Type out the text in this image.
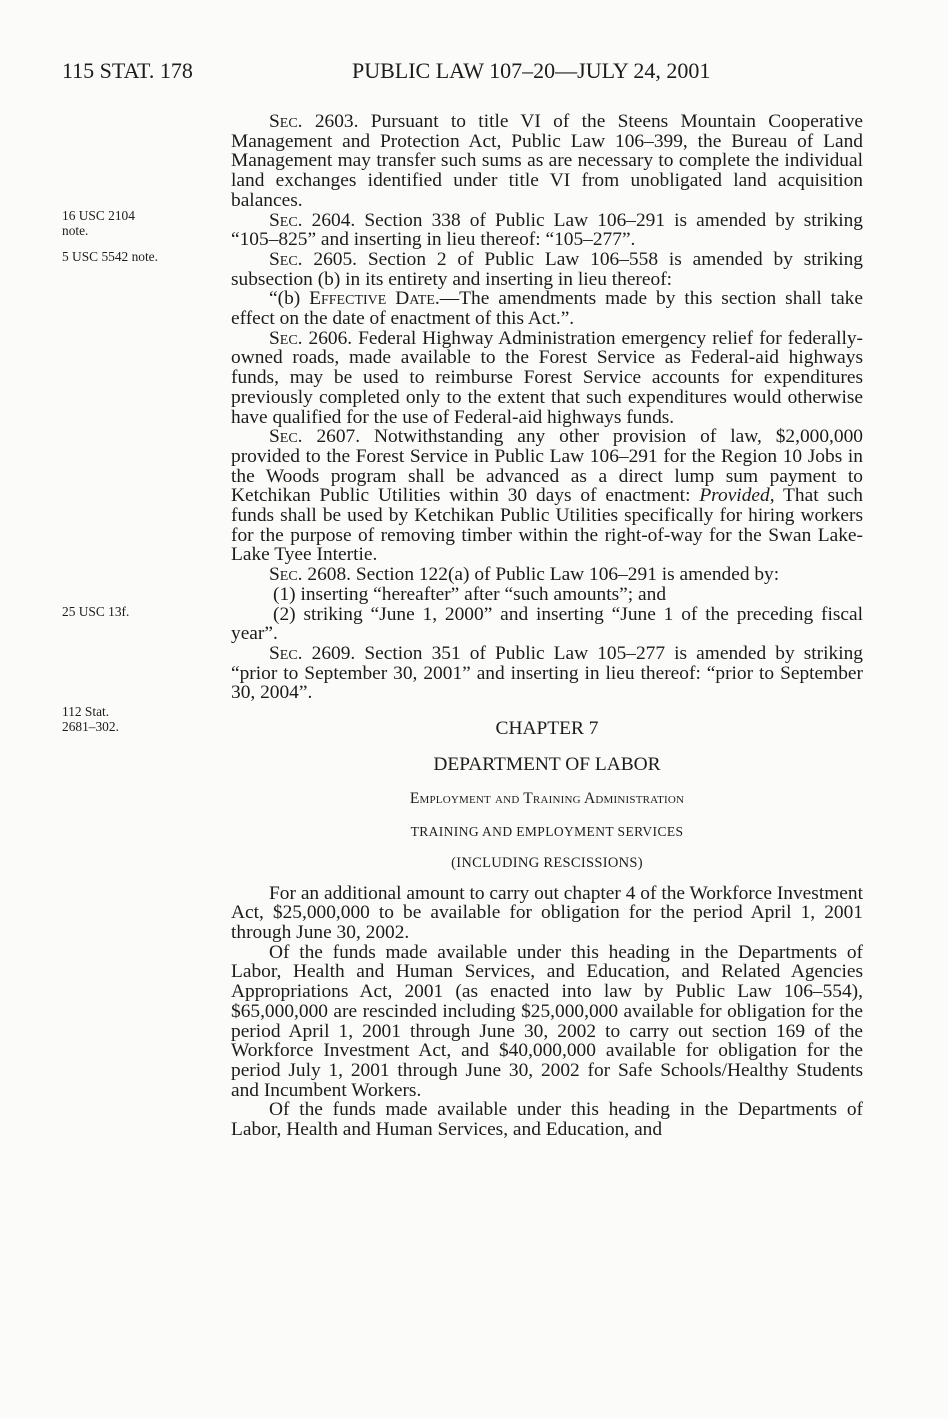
115 STAT. 178	PUBLIC LAW 107–20—JULY 24, 2001
16 USC 2104
note.
5 USC 5542 note.
25 USC 13f.
112 Stat.
2681–302.

Sec. 2603. Pursuant to title VI of the Steens Mountain Cooperative Management and Protection Act, Public Law 106–399, the Bureau of Land Management may transfer such sums as are necessary to complete the individual land exchanges identified under title VI from unobligated land acquisition balances.

Sec. 2604. Section 338 of Public Law 106–291 is amended by striking “105–825” and inserting in lieu thereof: “105–277”.

Sec. 2605. Section 2 of Public Law 106–558 is amended by striking subsection (b) in its entirety and inserting in lieu thereof:

“(b) Effective Date.—The amendments made by this section shall take effect on the date of enactment of this Act.”.

Sec. 2606. Federal Highway Administration emergency relief for federally-owned roads, made available to the Forest Service as Federal-aid highways funds, may be used to reimburse Forest Service accounts for expenditures previously completed only to the extent that such expenditures would otherwise have qualified for the use of Federal-aid highways funds.

Sec. 2607. Notwithstanding any other provision of law, $2,000,000 provided to the Forest Service in Public Law 106–291 for the Region 10 Jobs in the Woods program shall be advanced as a direct lump sum payment to Ketchikan Public Utilities within 30 days of enactment: Provided, That such funds shall be used by Ketchikan Public Utilities specifically for hiring workers for the purpose of removing timber within the right-of-way for the Swan Lake-Lake Tyee Intertie.

Sec. 2608. Section 122(a) of Public Law 106–291 is amended by:

(1) inserting “hereafter” after “such amounts”; and

(2) striking “June 1, 2000” and inserting “June 1 of the preceding fiscal year”.

Sec. 2609. Section 351 of Public Law 105–277 is amended by striking “prior to September 30, 2001” and inserting in lieu thereof: “prior to September 30, 2004”.

CHAPTER 7

DEPARTMENT OF LABOR

Employment and Training Administration

TRAINING AND EMPLOYMENT SERVICES

(INCLUDING RESCISSIONS)

For an additional amount to carry out chapter 4 of the Workforce Investment Act, $25,000,000 to be available for obligation for the period April 1, 2001 through June 30, 2002.

Of the funds made available under this heading in the Departments of Labor, Health and Human Services, and Education, and Related Agencies Appropriations Act, 2001 (as enacted into law by Public Law 106–554), $65,000,000 are rescinded including $25,000,000 available for obligation for the period April 1, 2001 through June 30, 2002 to carry out section 169 of the Workforce Investment Act, and $40,000,000 available for obligation for the period July 1, 2001 through June 30, 2002 for Safe Schools/Healthy Students and Incumbent Workers.

Of the funds made available under this heading in the Departments of Labor, Health and Human Services, and Education, and
